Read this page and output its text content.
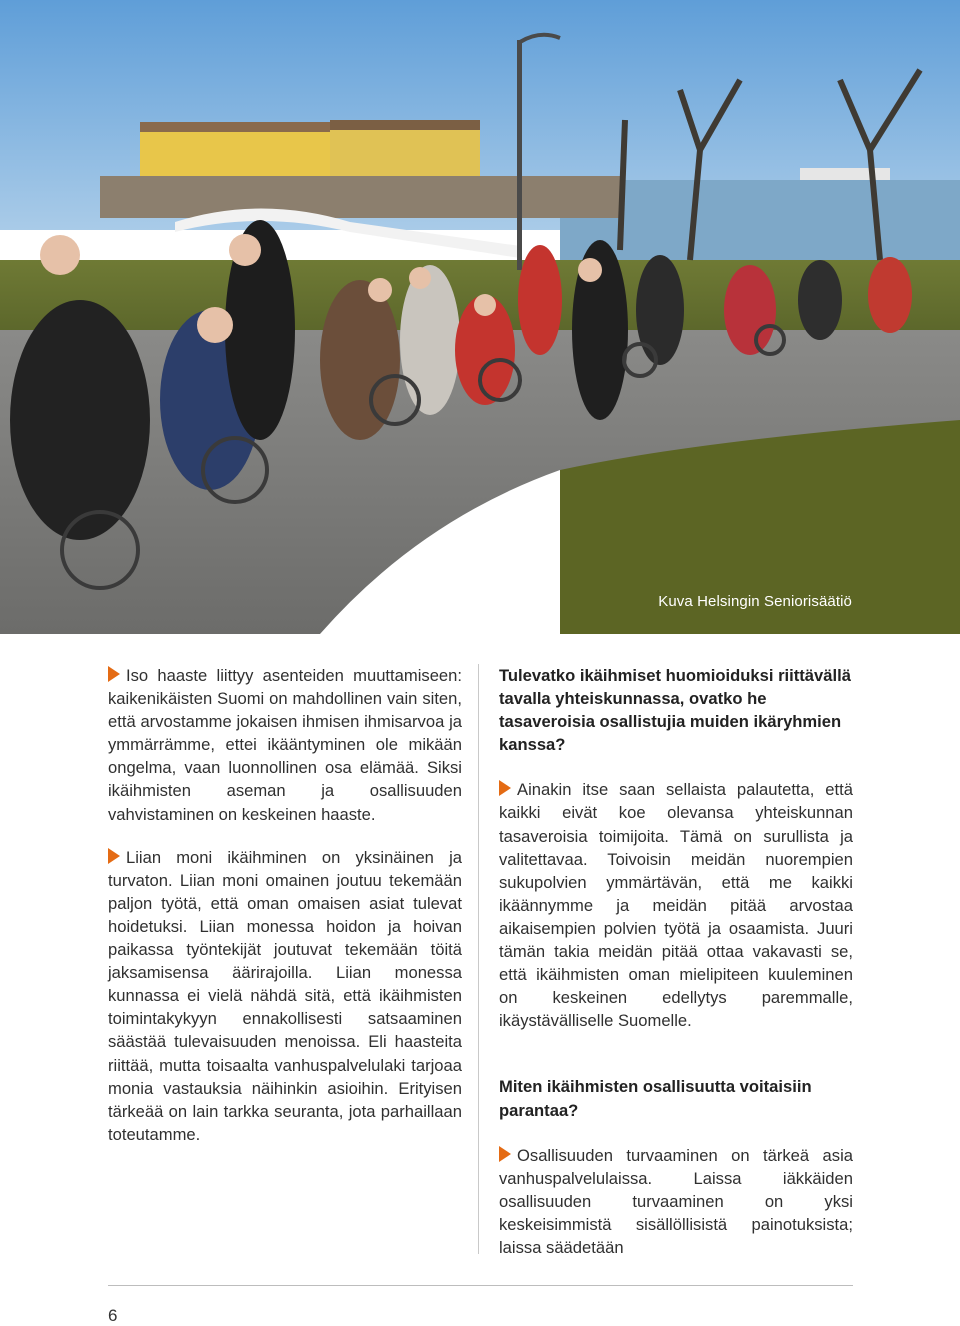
Kuva Helsingin Seniorisäätiö

Iso haaste liittyy asenteiden muuttamiseen: kaikenikäisten Suomi on mahdollinen vain siten, että arvostamme jokaisen ihmisen ihmisarvoa ja ymmärrämme, ettei ikääntyminen ole mikään ongelma, vaan luonnollinen osa elämää. Siksi ikäihmisten aseman ja osallisuuden vahvistaminen on keskeinen haaste.

Liian moni ikäihminen on yksinäinen ja turvaton. Liian moni omainen joutuu tekemään paljon työtä, että oman omaisen asiat tulevat hoidetuksi. Liian monessa hoidon ja hoivan paikassa työntekijät joutuvat tekemään töitä jaksamisensa äärirajoilla. Liian monessa kunnassa ei vielä nähdä sitä, että ikäihmisten toimintakykyyn ennakollisesti satsaaminen säästää tulevaisuuden menoissa. Eli haasteita riittää, mutta toisaalta vanhuspalvelulaki tarjoaa monia vastauksia näihinkin asioihin. Erityisen tärkeää on lain tarkka seuranta, jota parhaillaan toteutamme.

Tulevatko ikäihmiset huomioiduksi riittävällä tavalla yhteiskunnassa, ovatko he tasaveroisia osallistujia muiden ikäryhmien kanssa?

Ainakin itse saan sellaista palautetta, että kaikki eivät koe olevansa yhteiskunnan tasaveroisia toimijoita. Tämä on surullista ja valitettavaa. Toivoisin meidän nuorempien sukupolvien ymmärtävän, että me kaikki ikäännymme ja meidän pitää arvostaa aikaisempien polvien työtä ja osaamista. Juuri tämän takia meidän pitää ottaa vakavasti se, että ikäihmisten oman mielipiteen kuuleminen on keskeinen edellytys paremmalle, ikäystävälliselle Suomelle.

Miten ikäihmisten osallisuutta voitaisiin parantaa?

Osallisuuden turvaaminen on tärkeä asia vanhuspalvelulaissa. Laissa iäkkäiden osallisuuden turvaaminen on yksi keskeisimmistä sisällöllisistä painotuksista; laissa säädetään

6
